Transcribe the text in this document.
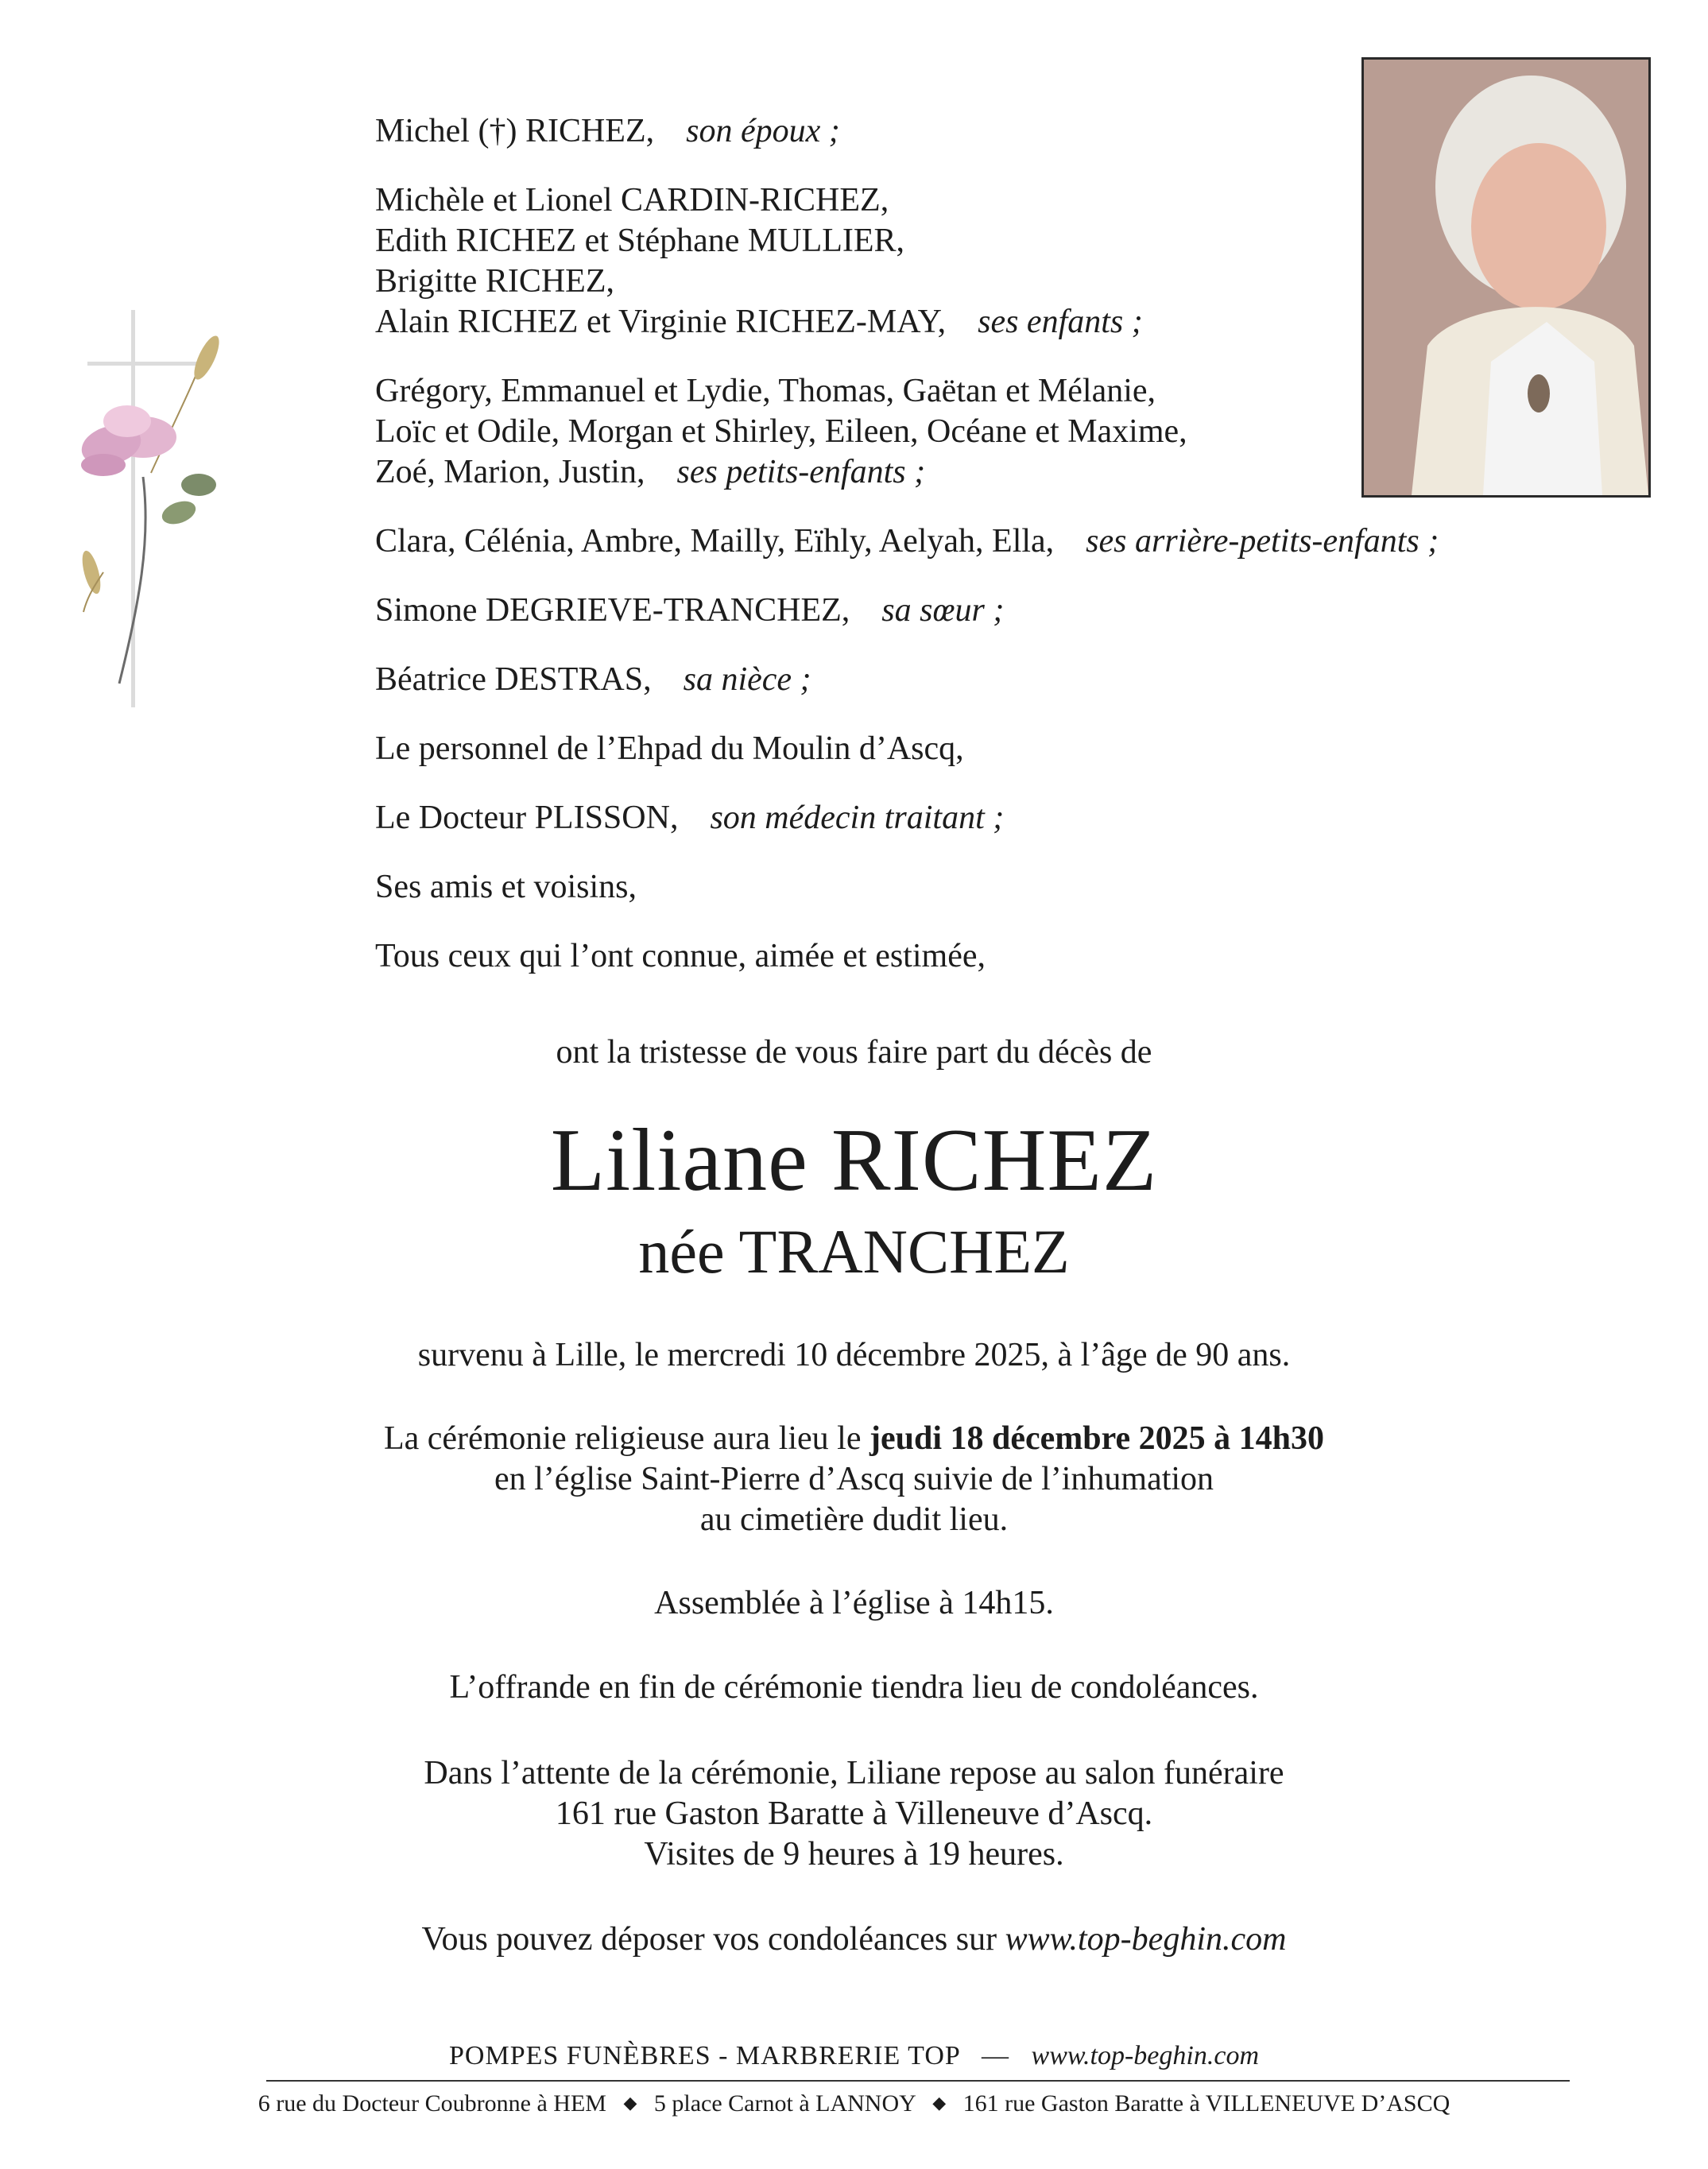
Michel (†) RICHEZ, son époux ;
Michèle et Lionel CARDIN-RICHEZ,
Edith RICHEZ et Stéphane MULLIER,
Brigitte RICHEZ,
Alain RICHEZ et Virginie RICHEZ-MAY, ses enfants ;
Grégory, Emmanuel et Lydie, Thomas, Gaëtan et Mélanie,
Loïc et Odile, Morgan et Shirley, Eileen, Océane et Maxime,
Zoé, Marion, Justin, ses petits-enfants ;
Clara, Célénia, Ambre, Mailly, Eïhly, Aelyah, Ella, ses arrière-petits-enfants ;
Simone DEGRIEVE-TRANCHEZ, sa sœur ;
Béatrice DESTRAS, sa nièce ;
Le personnel de l’Ehpad du Moulin d’Ascq,
Le Docteur PLISSON, son médecin traitant ;
Ses amis et voisins,
Tous ceux qui l’ont connue, aimée et estimée,
ont la tristesse de vous faire part du décès de
Liliane RICHEZ
née TRANCHEZ
survenu à Lille, le mercredi 10 décembre 2025, à l’âge de 90 ans.
La cérémonie religieuse aura lieu le jeudi 18 décembre 2025 à 14h30
en l’église Saint-Pierre d’Ascq suivie de l’inhumation
au cimetière dudit lieu.
Assemblée à l’église à 14h15.
L’offrande en fin de cérémonie tiendra lieu de condoléances.
Dans l’attente de la cérémonie, Liliane repose au salon funéraire
161 rue Gaston Baratte à Villeneuve d’Ascq.
Visites de 9 heures à 19 heures.
Vous pouvez déposer vos condoléances sur www.top-beghin.com
POMPES FUNÈBRES - MARBRERIE TOP — www.top-beghin.com
6 rue du Docteur Coubronne à HEM ◆ 5 place Carnot à LANNOY ◆ 161 rue Gaston Baratte à VILLENEUVE D’ASCQ
